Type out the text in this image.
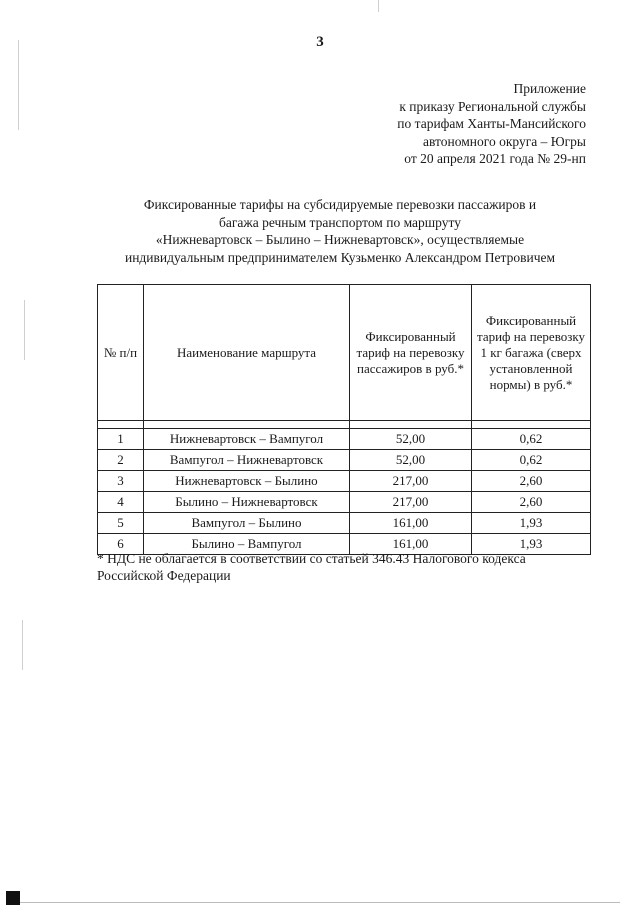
3
Приложение
к приказу Региональной службы
по тарифам Ханты-Мансийского
автономного округа – Югры
от 20 апреля 2021 года № 29-нп
Фиксированные тарифы на субсидируемые перевозки пассажиров и
багажа речным транспортом по маршруту
«Нижневартовск – Былино – Нижневартовск», осуществляемые
индивидуальным предпринимателем Кузьменко Александром Петровичем
№ п/п	Наименование маршрута	Фиксированный тариф на перевозку пассажиров в руб.*	Фиксированный тариф на перевозку 1 кг багажа (сверх установленной нормы) в руб.*

1	Нижневартовск – Вампугол	52,00	0,62
2	Вампугол – Нижневартовск	52,00	0,62
3	Нижневартовск – Былино	217,00	2,60
4	Былино – Нижневартовск	217,00	2,60
5	Вампугол – Былино	161,00	1,93
6	Былино – Вампугол	161,00	1,93
* НДС не облагается в соответствии со статьей 346.43 Налогового кодекса
Российской Федерации
